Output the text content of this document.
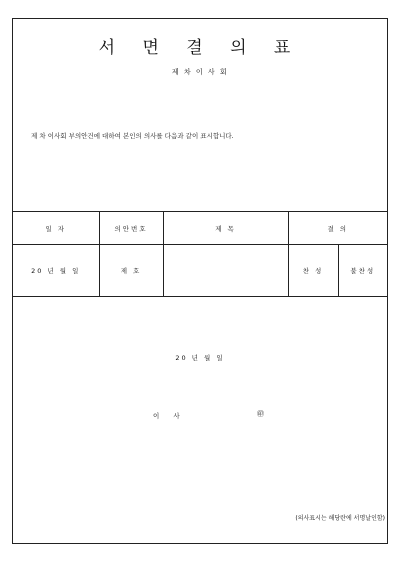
서 면 결 의 표
제 차 이 사 회
제 차 이사회 부의안건에 대하여 본인의 의사를 다음과 같이 표시합니다.
일 자	의안번호	제 목	결 의	
20 년 월 일	제 호		찬 성	불찬성
20 년 월 일
이 사	㊞
(의사표시는 해당란에 서명날인함)
